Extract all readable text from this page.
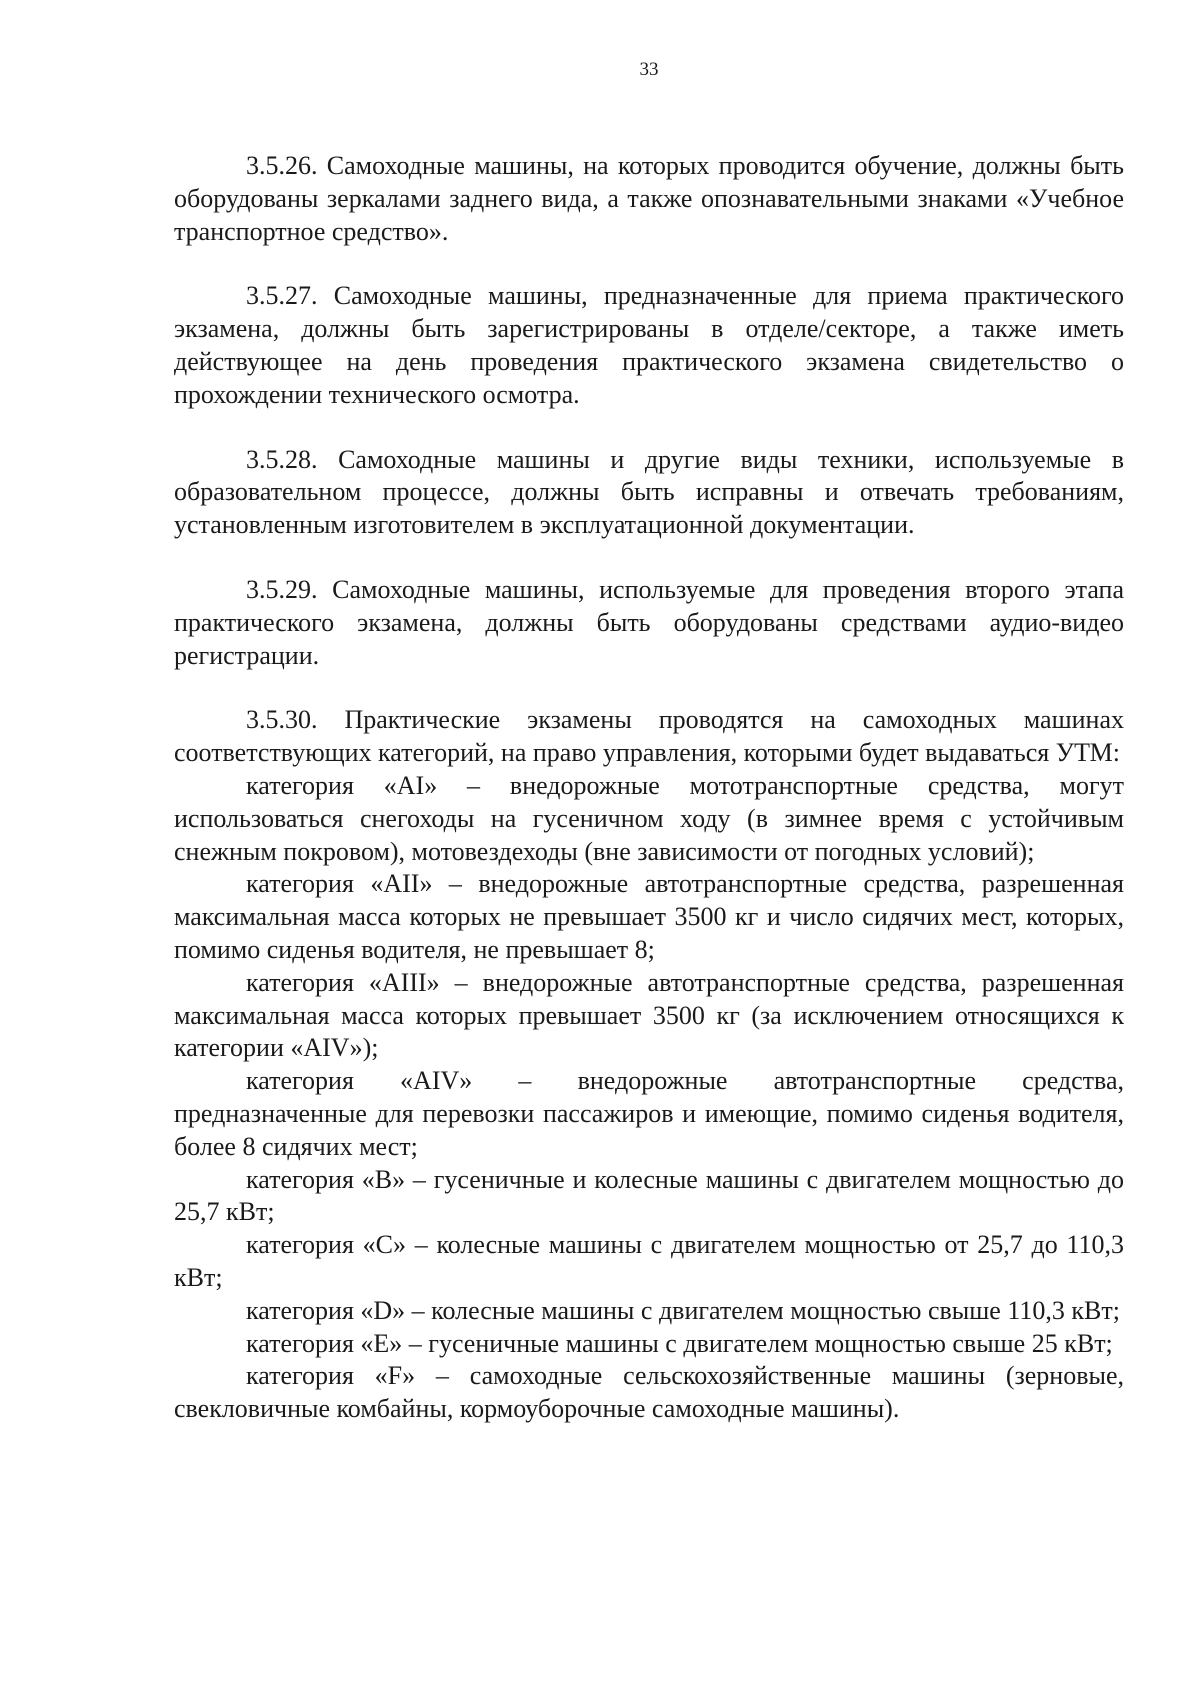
33

3.5.26. Самоходные машины, на которых проводится обучение, должны быть оборудованы зеркалами заднего вида, а также опознавательными знаками «Учебное транспортное средство».

3.5.27. Самоходные машины, предназначенные для приема практического экзамена, должны быть зарегистрированы в отделе/секторе, а также иметь действующее на день проведения практического экзамена свидетельство о прохождении технического осмотра.

3.5.28. Самоходные машины и другие виды техники, используемые в образовательном процессе, должны быть исправны и отвечать требованиям, установленным изготовителем в эксплуатационной документации.

3.5.29. Самоходные машины, используемые для проведения второго этапа практического экзамена, должны быть оборудованы средствами аудио-видео регистрации.

3.5.30. Практические экзамены проводятся на самоходных машинах соответствующих категорий, на право управления, которыми будет выдаваться УТМ:

категория «AI» – внедорожные мототранспортные средства, могут использоваться снегоходы на гусеничном ходу (в зимнее время с устойчивым снежным покровом), мотовездеходы (вне зависимости от погодных условий);

категория «AII» – внедорожные автотранспортные средства, разрешенная максимальная масса которых не превышает 3500 кг и число сидячих мест, которых, помимо сиденья водителя, не превышает 8;

категория «AIII» – внедорожные автотранспортные средства, разрешенная максимальная масса которых превышает 3500 кг (за исключением относящихся к категории «AIV»);

категория «AIV» – внедорожные автотранспортные средства, предназначенные для перевозки пассажиров и имеющие, помимо сиденья водителя, более 8 сидячих мест;

категория «B» – гусеничные и колесные машины с двигателем мощностью до 25,7 кВт;

категория «C» – колесные машины с двигателем мощностью от 25,7 до 110,3 кВт;

категория «D» – колесные машины с двигателем мощностью свыше 110,3 кВт;

категория «E» – гусеничные машины с двигателем мощностью свыше 25 кВт;

категория «F» – самоходные сельскохозяйственные машины (зерновые, свекловичные комбайны, кормоуборочные самоходные машины).
